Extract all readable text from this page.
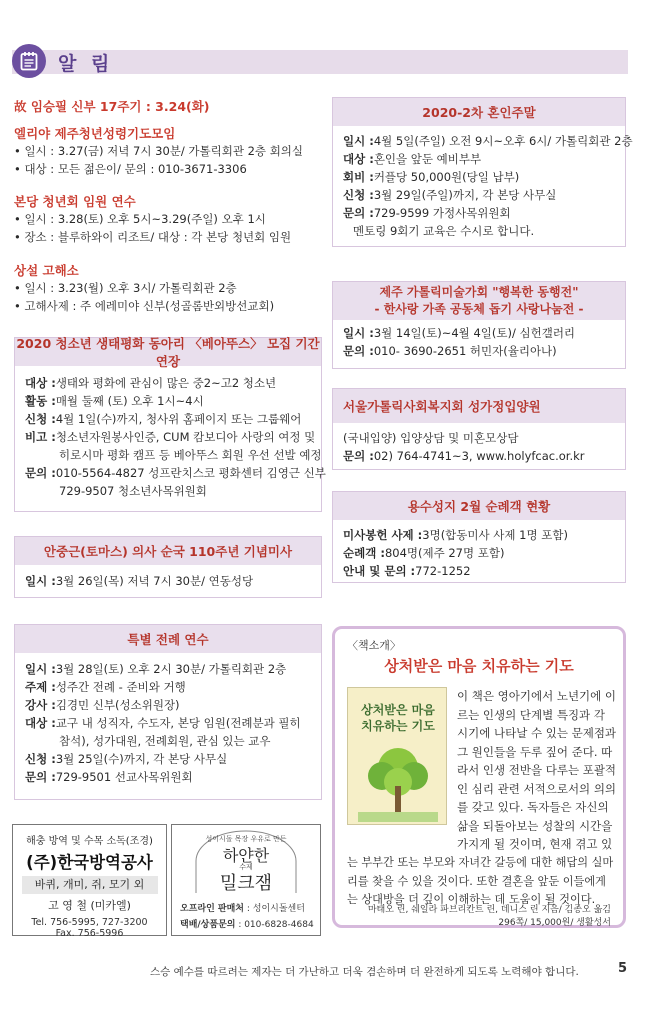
알 림
故 임승필 신부 17주기 : 3.24(화)
엘리야 제주청년성령기도모임
• 일시 : 3.27(금) 저녁 7시 30분/ 가톨릭회관 2층 회의실
• 대상 : 모든 젊은이/ 문의 : 010-3671-3306
본당 청년회 임원 연수
• 일시 : 3.28(토) 오후 5시~3.29(주일) 오후 1시
• 장소 : 블루하와이 리조트/ 대상 : 각 본당 청년회 임원
상설 고해소
• 일시 : 3.23(월) 오후 3시/ 가톨릭회관 2층
• 고해사제 : 주 에레미야 신부(성골롬반외방선교회)
2020 청소년 생태평화 동아리 〈베아뚜스〉 모집 기간 연장
대상 : 생태와 평화에 관심이 많은 중2~고2 청소년
활동 : 매월 둘째 (토) 오후 1시~4시
신청 : 4월 1일(수)까지, 청사위 홈페이지 또는 그룹웨어
비고 : 청소년자원봉사인증, CUM 캄보디아 사랑의 여정 및
히로시마 평화 캠프 등 베아뚜스 회원 우선 선발 예정
문의 : 010-5564-4827 성프란치스코 평화센터 김영근 신부
729-9507 청소년사목위원회
안중근(토마스) 의사 순국 110주년 기념미사
일시 : 3월 26일(목) 저녁 7시 30분/ 연동성당
특별 전례 연수
일시 : 3월 28일(토) 오후 2시 30분/ 가톨릭회관 2층
주제 : 성주간 전례 - 준비와 거행
강사 : 김경민 신부(성소위원장)
대상 : 교구 내 성직자, 수도자, 본당 임원(전례분과 필히
참석), 성가대원, 전례회원, 관심 있는 교우
신청 : 3월 25일(수)까지, 각 본당 사무실
문의 : 729-9501 선교사목위원회
2020-2차 혼인주말
일시 : 4월 5일(주일) 오전 9시~오후 6시/ 가톨릭회관 2층
대상 : 혼인을 앞둔 예비부부
회비 : 커플당 50,000원(당일 납부)
신청 : 3월 29일(주일)까지, 각 본당 사무실
문의 : 729-9599 가정사목위원회
멘토링 9회기 교육은 수시로 합니다.
제주 가톨릭미술가회 "행복한 동행전"
- 한사랑 가족 공동체 돕기 사랑나눔전 -
일시 : 3월 14일(토)~4월 4일(토)/ 심헌갤러리
문의 : 010- 3690-2651 허민자(율리아나)
서울가톨릭사회복지회 성가정입양원
(국내입양) 입양상담 및 미혼모상담
문의 : 02) 764-4741~3, www.holyfcac.or.kr
용수성지 2월 순례객 현황
미사봉헌 사제 : 3명(합동미사 사제 1명 포함)
순례객 : 804명(제주 27명 포함)
안내 및 문의 : 772-1252
〈책소개〉
상처받은 마음 치유하는 기도
상처받은 마음 치유하는 기도
이 책은 영아기에서 노년기에 이
르는 인생의 단계별 특징과 각
시기에 나타날 수 있는 문제점과
그 원인들을 두루 짚어 준다. 따
라서 인생 전반을 다루는 포괄적
인 심리 관련 서적으로서의 의의
를 갖고 있다. 독자들은 자신의
삶을 되돌아보는 성찰의 시간을
가지게 될 것이며, 현재 겪고 있
는 부부간 또는 부모와 자녀간 갈등에 대한 해답의 실마
리를 찾을 수 있을 것이다. 또한 결혼을 앞둔 이들에게
는 상대방을 더 깊이 이해하는 데 도움이 될 것이다.
마태오 린, 쉐일라 파브리칸트 린, 데니스 린 지음/ 김종오 옮김
296쪽/ 15,000원/ 생활성서
해충 방역 및 수목 소독(조경)
(주)한국방역공사
바퀴, 개미, 쥐, 모기 외
고 영 철 (미카엘)
Tel. 756-5995, 727-3200
Fax. 756-5996
성이시돌 목장 우유로 만든
하얀한
수제
밀크잼
오프라인 판매처 : 성이시돌센터
택배/상품문의 : 010-6828-4684
스승 예수를 따르려는 제자는 더 가난하고 더욱 겸손하며 더 완전하게 되도록 노력해야 합니다.	5
